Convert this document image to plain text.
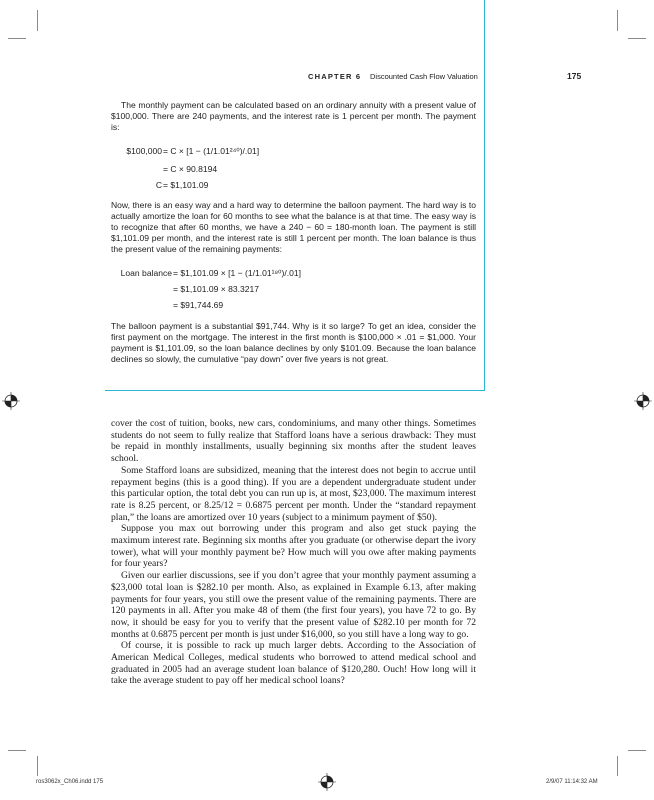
CHAPTER 6 Discounted Cash Flow Valuation	175
The monthly payment can be calculated based on an ordinary annuity with a present value of $100,000. There are 240 payments, and the interest rate is 1 percent per month. The payment is:
$100,000 = C × [1 − (1/1.01²⁴⁰)/.01]
= C × 90.8194
C = $1,101.09
Now, there is an easy way and a hard way to determine the balloon payment. The hard way is to actually amortize the loan for 60 months to see what the balance is at that time. The easy way is to recognize that after 60 months, we have a 240 − 60 = 180-month loan. The payment is still $1,101.09 per month, and the interest rate is still 1 percent per month. The loan balance is thus the present value of the remaining payments:
Loan balance = $1,101.09 × [1 − (1/1.01¹⁸⁰)/.01]
= $1,101.09 × 83.3217
= $91,744.69
The balloon payment is a substantial $91,744. Why is it so large? To get an idea, consider the first payment on the mortgage. The interest in the first month is $100,000 × .01 = $1,000. Your payment is $1,101.09, so the loan balance declines by only $101.09. Because the loan balance declines so slowly, the cumulative “pay down” over five years is not great.

cover the cost of tuition, books, new cars, condominiums, and many other things. Sometimes students do not seem to fully realize that Stafford loans have a serious drawback: They must be repaid in monthly installments, usually beginning six months after the student leaves school.

Some Stafford loans are subsidized, meaning that the interest does not begin to accrue until repayment begins (this is a good thing). If you are a dependent undergraduate student under this particular option, the total debt you can run up is, at most, $23,000. The maximum interest rate is 8.25 percent, or 8.25/12 = 0.6875 percent per month. Under the “standard repayment plan,” the loans are amortized over 10 years (subject to a minimum payment of $50).

Suppose you max out borrowing under this program and also get stuck paying the maximum interest rate. Beginning six months after you graduate (or otherwise depart the ivory tower), what will your monthly payment be? How much will you owe after making payments for four years?

Given our earlier discussions, see if you don’t agree that your monthly payment assuming a $23,000 total loan is $282.10 per month. Also, as explained in Example 6.13, after making payments for four years, you still owe the present value of the remaining payments. There are 120 payments in all. After you make 48 of them (the first four years), you have 72 to go. By now, it should be easy for you to verify that the present value of $282.10 per month for 72 months at 0.6875 percent per month is just under $16,000, so you still have a long way to go.

Of course, it is possible to rack up much larger debts. According to the Association of American Medical Colleges, medical students who borrowed to attend medical school and graduated in 2005 had an average student loan balance of $120,280. Ouch! How long will it take the average student to pay off her medical school loans?

ros3062x_Ch06.indd 175	2/9/07 11:14:32 AM
